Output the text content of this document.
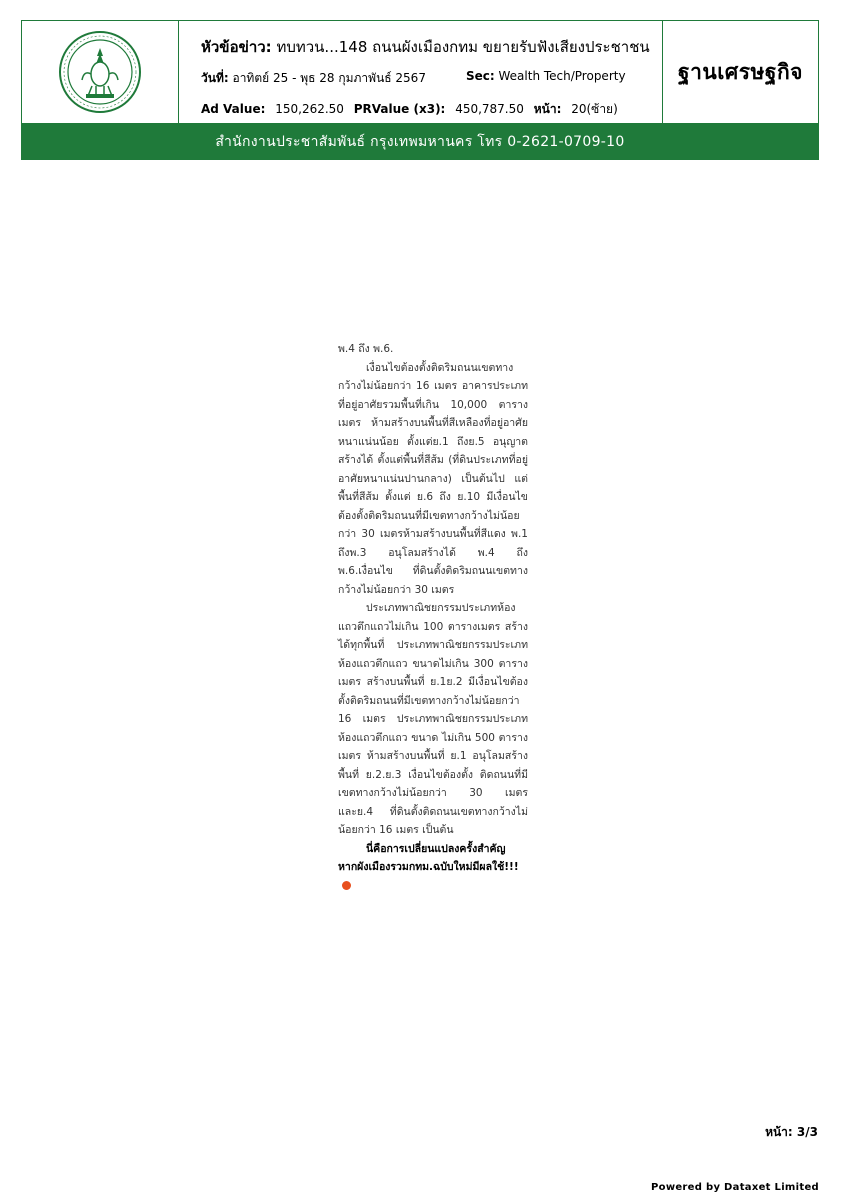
หัวข้อข่าว: ทบทวน...148 ถนนผังเมืองกทม ขยายรับฟังเสียงประชาชน
วันที่: อาทิตย์ 25 - พุธ 28 กุมภาพันธ์ 2567	Sec: Wealth Tech/Property
Ad Value: 150,262.50 PRValue (x3): 450,787.50 หน้า: 20(ซ้าย)
ฐานเศรษฐกิจ
สำนักงานประชาสัมพันธ์ กรุงเทพมหานคร โทร 0-2621-0709-10

พ.4 ถึง พ.6.

เงื่อนไขต้องตั้งติดริมถนนเขตทางกว้างไม่น้อยกว่า 16 เมตร อาคารประเภทที่อยู่อาศัยรวมพื้นที่เกิน 10,000 ตารางเมตร ห้ามสร้างบนพื้นที่สีเหลืองที่อยู่อาศัยหนาแน่นน้อย ตั้งแต่ย.1 ถึงย.5 อนุญาตสร้างได้ ตั้งแต่พื้นที่สีส้ม (ที่ดินประเภทที่อยู่อาศัยหนาแน่นปานกลาง) เป็นต้นไป แต่พื้นที่สีส้ม ตั้งแต่ ย.6 ถึง ย.10 มีเงื่อนไขต้องตั้งติดริมถนนที่มีเขตทางกว้างไม่น้อยกว่า 30 เมตรห้ามสร้างบนพื้นที่สีแดง พ.1 ถึงพ.3 อนุโลมสร้างได้ พ.4 ถึง พ.6.เงื่อนไข ที่ดินตั้งติดริมถนนเขตทางกว้างไม่น้อยกว่า 30 เมตร

ประเภทพาณิชยกรรมประเภทห้องแถวตึกแถวไม่เกิน 100 ตารางเมตร สร้างได้ทุกพื้นที่ ประเภทพาณิชยกรรมประเภทห้องแถวตึกแถว ขนาดไม่เกิน 300 ตารางเมตร สร้างบนพื้นที่ ย.1ย.2 มีเงื่อนไขต้องตั้งติดริมถนนที่มีเขตทางกว้างไม่น้อยกว่า 16 เมตร ประเภทพาณิชยกรรมประเภทห้องแถวตึกแถว ขนาด ไม่เกิน 500 ตารางเมตร ห้ามสร้างบนพื้นที่ ย.1 อนุโลมสร้างพื้นที่ ย.2.ย.3 เงื่อนไขต้องตั้ง ติดถนนที่มีเขตทางกว้างไม่น้อยกว่า 30 เมตร และย.4 ที่ดินตั้งติดถนนเขตทางกว้างไม่น้อยกว่า 16 เมตร เป็นต้น

นี่คือการเปลี่ยนแปลงครั้งสำคัญ หากผังเมืองรวมกทม.ฉบับใหม่มีผลใช้!!!

หน้า: 3/3
Powered by Dataxet Limited
